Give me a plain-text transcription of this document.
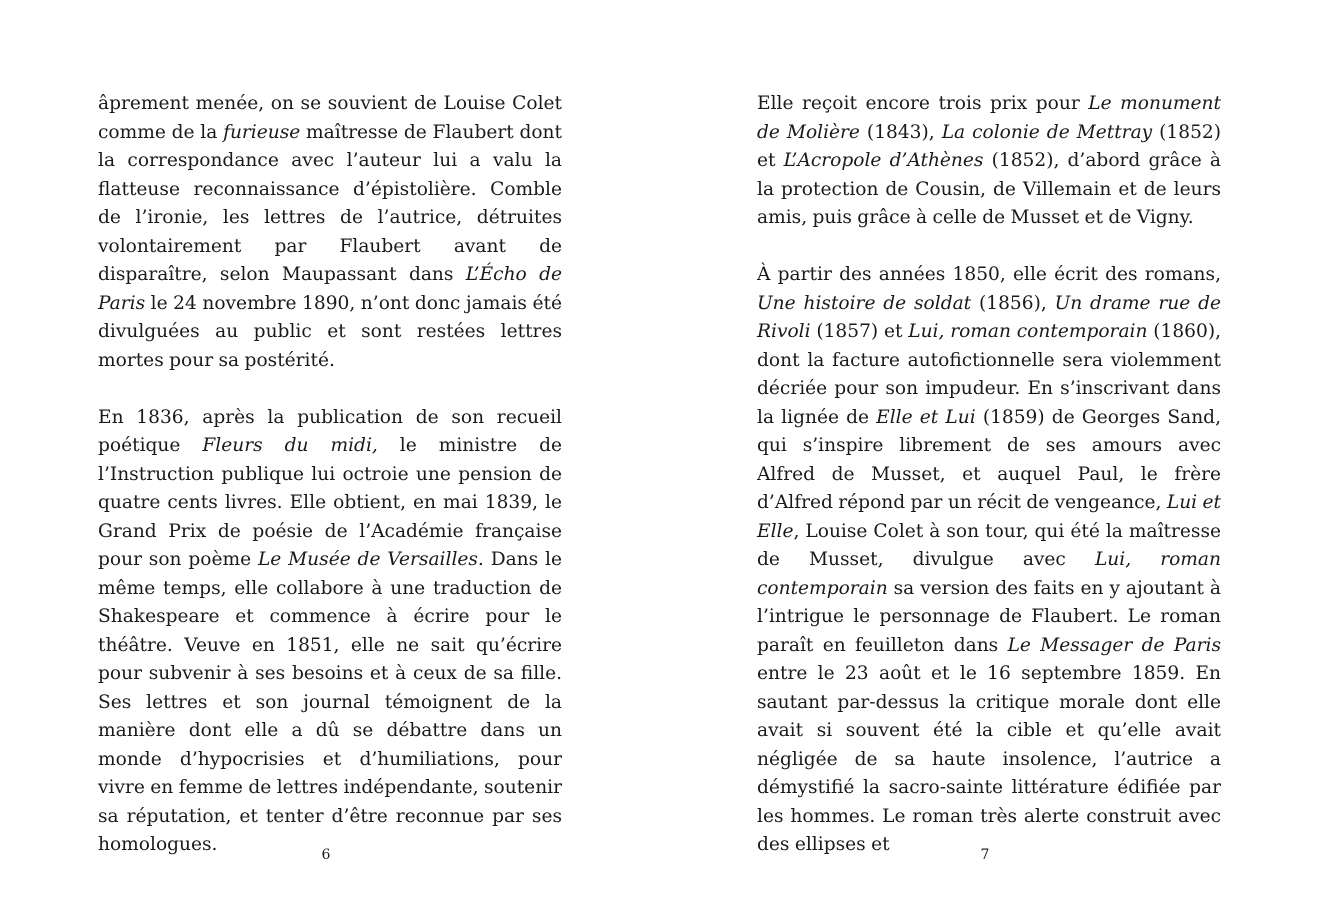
âprement menée, on se souvient de Louise Colet comme de la furieuse maîtresse de Flaubert dont la correspondance avec l’auteur lui a valu la flatteuse reconnaissance d’épistolière. Comble de l’ironie, les lettres de l’autrice, détruites volontairement par Flaubert avant de disparaître, selon Maupassant dans L’Écho de Paris le 24 novembre 1890, n’ont donc jamais été divulguées au public et sont restées lettres mortes pour sa postérité.

En 1836, après la publication de son recueil poétique Fleurs du midi, le ministre de l’Instruction publique lui octroie une pension de quatre cents livres. Elle obtient, en mai 1839, le Grand Prix de poésie de l’Académie française pour son poème Le Musée de Versailles. Dans le même temps, elle collabore à une traduction de Shakespeare et commence à écrire pour le théâtre. Veuve en 1851, elle ne sait qu’écrire pour subvenir à ses besoins et à ceux de sa fille. Ses lettres et son journal témoignent de la manière dont elle a dû se débattre dans un monde d’hypocrisies et d’humiliations, pour vivre en femme de lettres indépendante, soutenir sa réputation, et tenter d’être reconnue par ses homologues.	6

Elle reçoit encore trois prix pour Le monument de Molière (1843), La colonie de Mettray (1852) et L’Acropole d’Athènes (1852), d’abord grâce à la protection de Cousin, de Villemain et de leurs amis, puis grâce à celle de Musset et de Vigny.

À partir des années 1850, elle écrit des romans, Une histoire de soldat (1856), Un drame rue de Rivoli (1857) et Lui, roman contemporain (1860), dont la facture autofictionnelle sera violemment décriée pour son impudeur. En s’inscrivant dans la lignée de Elle et Lui (1859) de Georges Sand, qui s’inspire librement de ses amours avec Alfred de Musset, et auquel Paul, le frère d’Alfred répond par un récit de vengeance, Lui et Elle, Louise Colet à son tour, qui été la maîtresse de Musset, divulgue avec Lui, roman contemporain sa version des faits en y ajoutant à l’intrigue le personnage de Flaubert. Le roman paraît en feuilleton dans Le Messager de Paris entre le 23 août et le 16 septembre 1859. En sautant par-dessus la critique morale dont elle avait si souvent été la cible et qu’elle avait négligée de sa haute insolence, l’autrice a démystifié la sacro-sainte littérature édifiée par les hommes. Le roman très alerte construit avec des ellipses et	7
